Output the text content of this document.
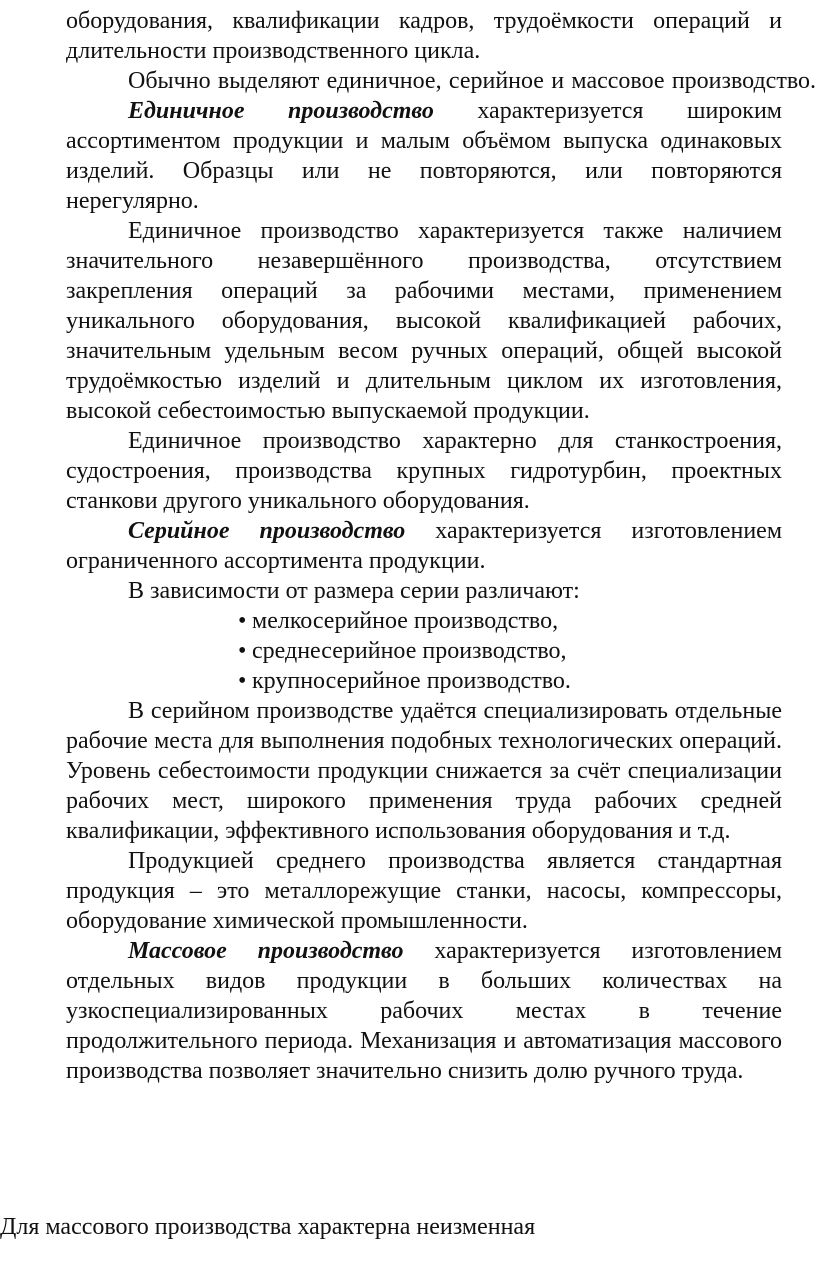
оборудования, квалификации кадров, трудоёмкости операций и длительности производственного цикла.

Обычно выделяют единичное, серийное и массовое производство.

Единичное производство характеризуется широким ассортиментом продукции и малым объёмом выпуска одинаковых изделий. Образцы или не повторяются, или повторяются нерегулярно.

Единичное производство характеризуется также наличием значительного незавершённого производства, отсутствием закрепления операций за рабочими местами, применением уникального оборудования, высокой квалификацией рабочих, значительным удельным весом ручных операций, общей высокой трудоёмкостью изделий и длительным циклом их изготовления, высокой себестоимостью выпускаемой продукции.

Единичное производство характерно для станкостроения, судостроения, производства крупных гидротурбин, проектных станкови другого уникального оборудования.

Серийное производство характеризуется изготовлением ограниченного ассортимента продукции.

В зависимости от размера серии различают:

• мелкосерийное производство,
• среднесерийное производство,
• крупносерийное производство.

В серийном производстве удаётся специализировать отдельные рабочие места для выполнения подобных технологических операций. Уровень себестоимости продукции снижается за счёт специализации рабочих мест, широкого применения труда рабочих средней квалификации, эффективного использования оборудования и т.д.

Продукцией среднего производства является стандартная продукция – это металлорежущие станки, насосы, компрессоры, оборудование химической промышленности.

Массовое производство характеризуется изготовлением отдельных видов продукции в больших количествах на узкоспециализированных рабочих местах в течение продолжительного периода. Механизация и автоматизация массового производства позволяет значительно снизить долю ручного труда.

Для массового производства характерна неизменная
